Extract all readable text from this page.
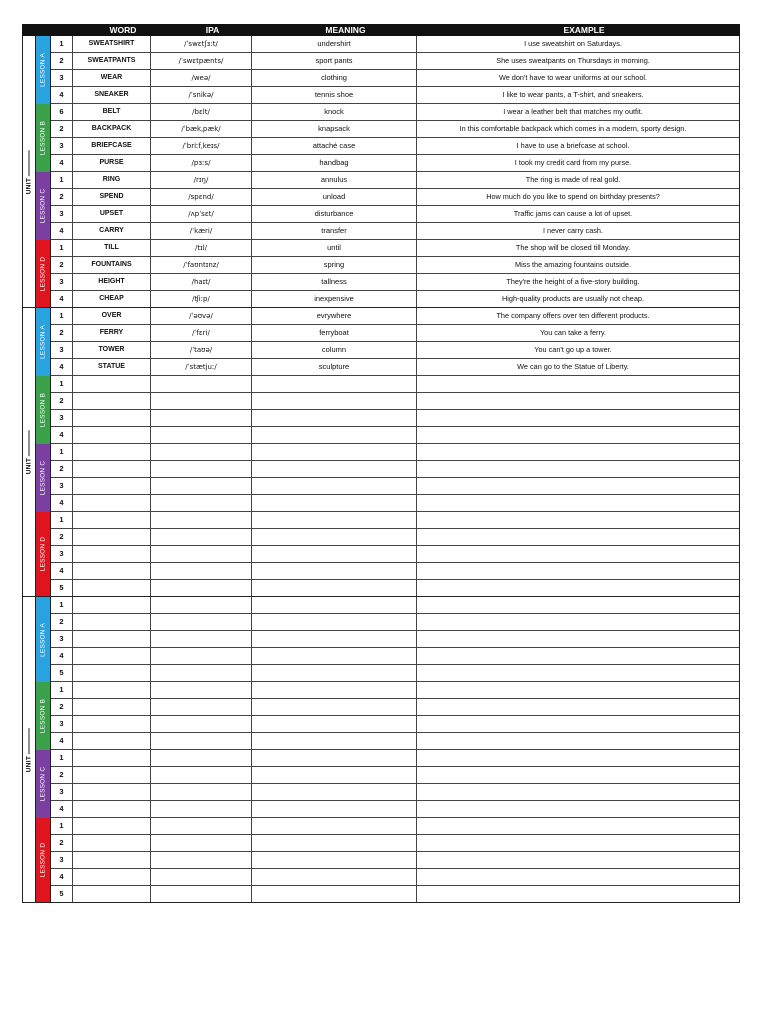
WORD	IPA	MEANING	EXAMPLE
UNIT
LESSON A
1	SWEATSHIRT	/ˈswɛtʃɜːt/	undershirt	I use sweatshirt on Saturdays.
2	SWEATPANTS	/ˈswɛtpænts/	sport pants	She uses sweatpants on Thursdays in morning.
3	WEAR	/weə/	clothing	We don't have to wear uniforms at our school.
4	SNEAKER	/ˈsnikə/	tennis shoe	I like to wear pants, a T-shirt, and sneakers.
LESSON B
6	BELT	/bɛlt/	knock	I wear a leather belt that matches my outfit.
2	BACKPACK	/ˈbækˌpæk/	knapsack	In this comfortable backpack which comes in a modern, sporty design.
3	BRIEFCASE	/ˈbriːfˌkeɪs/	attaché case	I have to use a briefcase at school.
4	PURSE	/pɜːs/	handbag	I took my credit card from my purse.
LESSON C
1	RING	/rɪŋ/	annulus	The ring is made of real gold.
2	SPEND	/spɛnd/	unload	How much do you like to spend on birthday presents?
3	UPSET	/ʌpˈsɛt/	disturbance	Traffic jams can cause a lot of upset.
4	CARRY	/ˈkæri/	transfer	I never carry cash.
LESSON D
1	TILL	/tɪl/	until	The shop will be closed till Monday.
2	FOUNTAINS	/ˈfaʊntɪnz/	spring	Miss the amazing fountains outside.
3	HEIGHT	/haɪt/	tallness	They're the height of a five-story building.
4	CHEAP	/ʧiːp/	inexpensive	High-quality products are usually not cheap.
UNIT
LESSON A
1	OVER	/ˈəʊvə/	evrywhere	The company offers over ten different products.
2	FERRY	/ˈfɛri/	ferryboat	You can take a ferry.
3	TOWER	/ˈtaʊə/	column	You can't go up a tower.
4	STATUE	/ˈstætjuː/	sculpture	We can go to the Statue of Liberty.
LESSON B
1
2
3
4
LESSON C
1
2
3
4
LESSON D
1
2
3
4
5
UNIT
LESSON A
1
2
3
4
5
LESSON B
1
2
3
4
LESSON C
1
2
3
4
LESSON D
1
2
3
4
5
